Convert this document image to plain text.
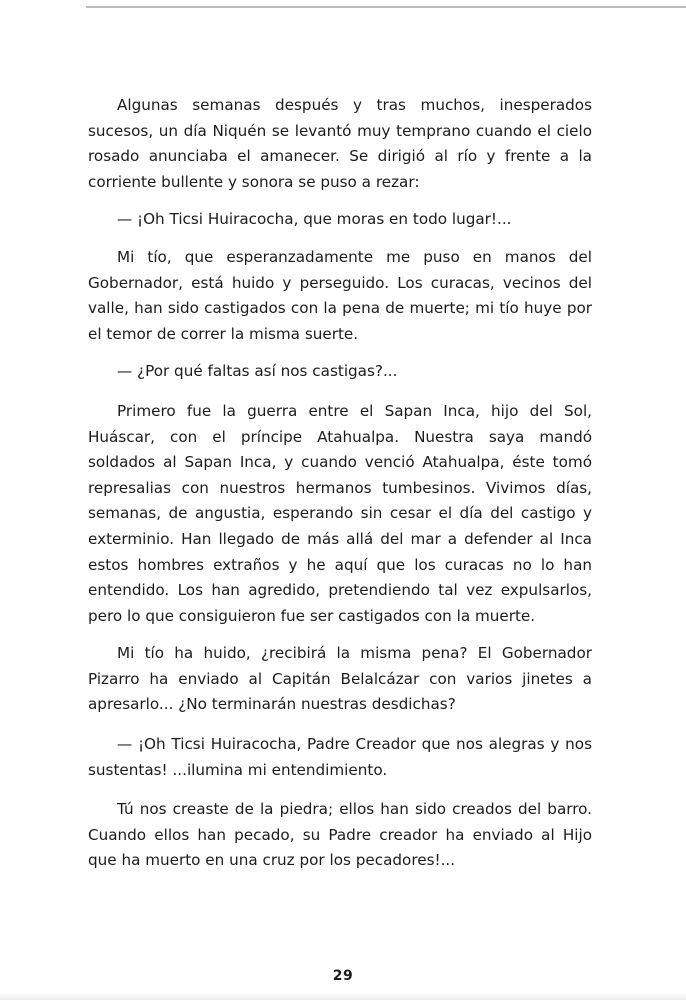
Algunas semanas después y tras muchos, inesperados sucesos, un día Niquén se levantó muy temprano cuando el cielo rosado anunciaba el amanecer. Se dirigió al río y frente a la corriente bullente y sonora se puso a rezar:

— ¡Oh Ticsi Huiracocha, que moras en todo lugar!...

Mi tío, que esperanzadamente me puso en manos del Gobernador, está huido y perseguido. Los curacas, vecinos del valle, han sido castigados con la pena de muerte; mi tío huye por el temor de correr la misma suerte.

— ¿Por qué faltas así nos castigas?...

Primero fue la guerra entre el Sapan Inca, hijo del Sol, Huáscar, con el príncipe Atahualpa. Nuestra saya mandó soldados al Sapan Inca, y cuando venció Atahualpa, éste tomó represalias con nuestros hermanos tumbesinos. Vivimos días, semanas, de angustia, esperando sin cesar el día del castigo y exterminio. Han llegado de más allá del mar a defender al Inca estos hombres extraños y he aquí que los curacas no lo han entendido. Los han agredido, pretendiendo tal vez expulsarlos, pero lo que consiguieron fue ser castigados con la muerte.

Mi tío ha huido, ¿recibirá la misma pena? El Gobernador Pizarro ha enviado al Capitán Belalcázar con varios jinetes a apresarlo... ¿No terminarán nuestras desdichas?

— ¡Oh Ticsi Huiracocha, Padre Creador que nos alegras y nos sustentas! ...ilumina mi entendimiento.

Tú nos creaste de la piedra; ellos han sido creados del barro. Cuando ellos han pecado, su Padre creador ha enviado al Hijo que ha muerto en una cruz por los pecadores!...

29
